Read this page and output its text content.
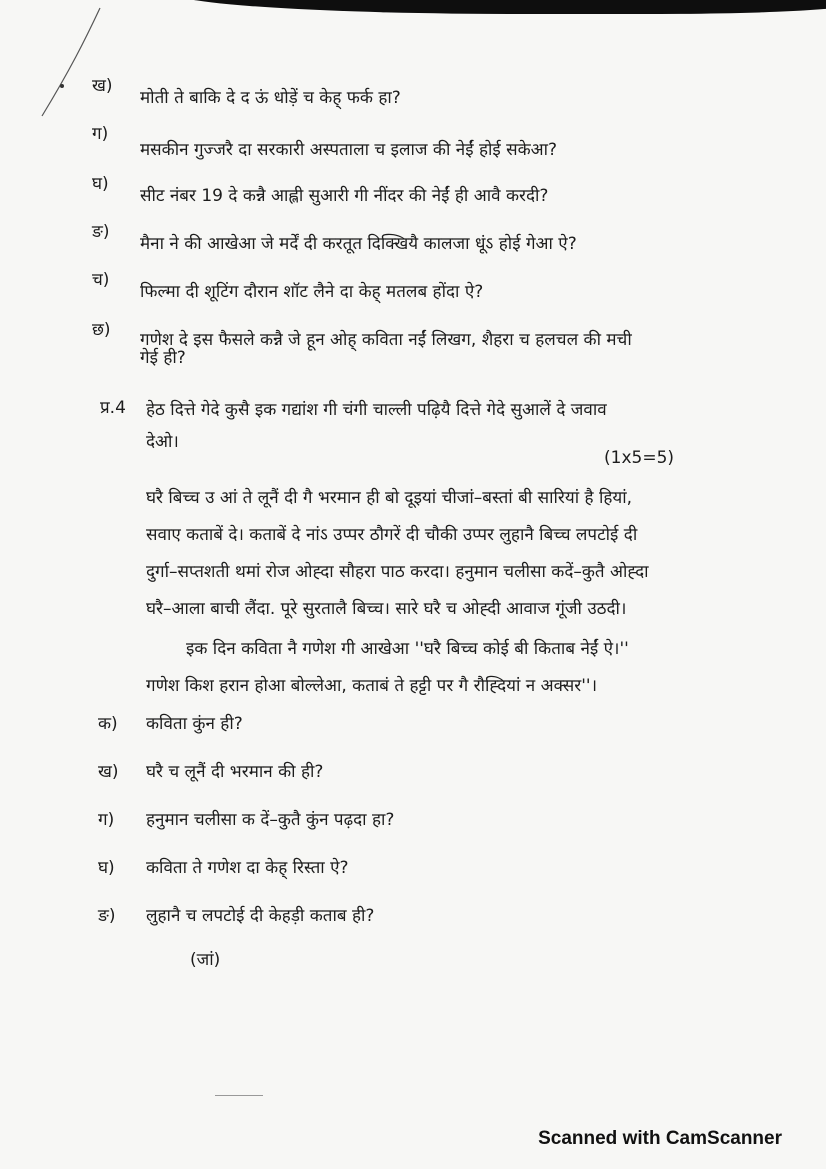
ख)
मोती ते बाकि दे द ऊं धोड़ें च केह् फर्क हा?
ग)
मसकीन गुज्जरै दा सरकारी अस्पताला च इलाज की नेईं होई सकेआ?
घ)
सीट नंबर 19 दे कन्नै आह्ली सुआरी गी नींदर की नेईं ही आवै करदी?
ङ)
मैना ने की आखेआ जे मर्दें दी करतूत दिक्खियै कालजा धूंऽ होई गेआ ऐ?
च)
फिल्मा दी शूटिंग दौरान शॉट लैने दा केह् मतलब होंदा ऐ?
छ) गणेश दे इस फैसले कन्नै जे हून ओह् कविता नईं लिखग, शैहरा च हलचल की मची
गेई ही?
प्र.4 हेठ दित्ते गेदे कुसै इक गद्यांश गी चंगी चाल्ली पढ़ियै दित्ते गेदे सुआलें दे जवाव
देओ।
(1x5=5)
घरै बिच्च उ आं ते लूनैं दी गै भरमान ही बो दूइयां चीजां–बस्तां बी सारियां है हियां,
सवाए कताबें दे। कताबें दे नांऽ उप्पर ठौगरें दी चौकी उप्पर लुहानै बिच्च लपटोई दी
दुर्गा–सप्तशती थमां रोज ओह्दा सौहरा पाठ करदा। हनुमान चलीसा कदें–कुतै ओह्दा
घरै–आला बाची लैंदा. पूरे सुरतालै बिच्च। सारे घरै च ओह्दी आवाज गूंजी उठदी।
इक दिन कविता नै गणेश गी आखेआ ''घरै बिच्च कोई बी किताब नेईं ऐ।''
गणेश किश हरान होआ बोल्लेआ, कताबं ते हट्टी पर गै रौह्दियां न अक्सर''।
क) कविता कुंन ही?
ख) घरै च लूनैं दी भरमान की ही?
ग) हनुमान चलीसा क दें–कुतै कुंन पढ़दा हा?
घ) कविता ते गणेश दा केह् रिस्ता ऐ?
ङ) लुहानै च लपटोई दी केहड़ी कताब ही?
(जां)
Scanned with CamScanner
